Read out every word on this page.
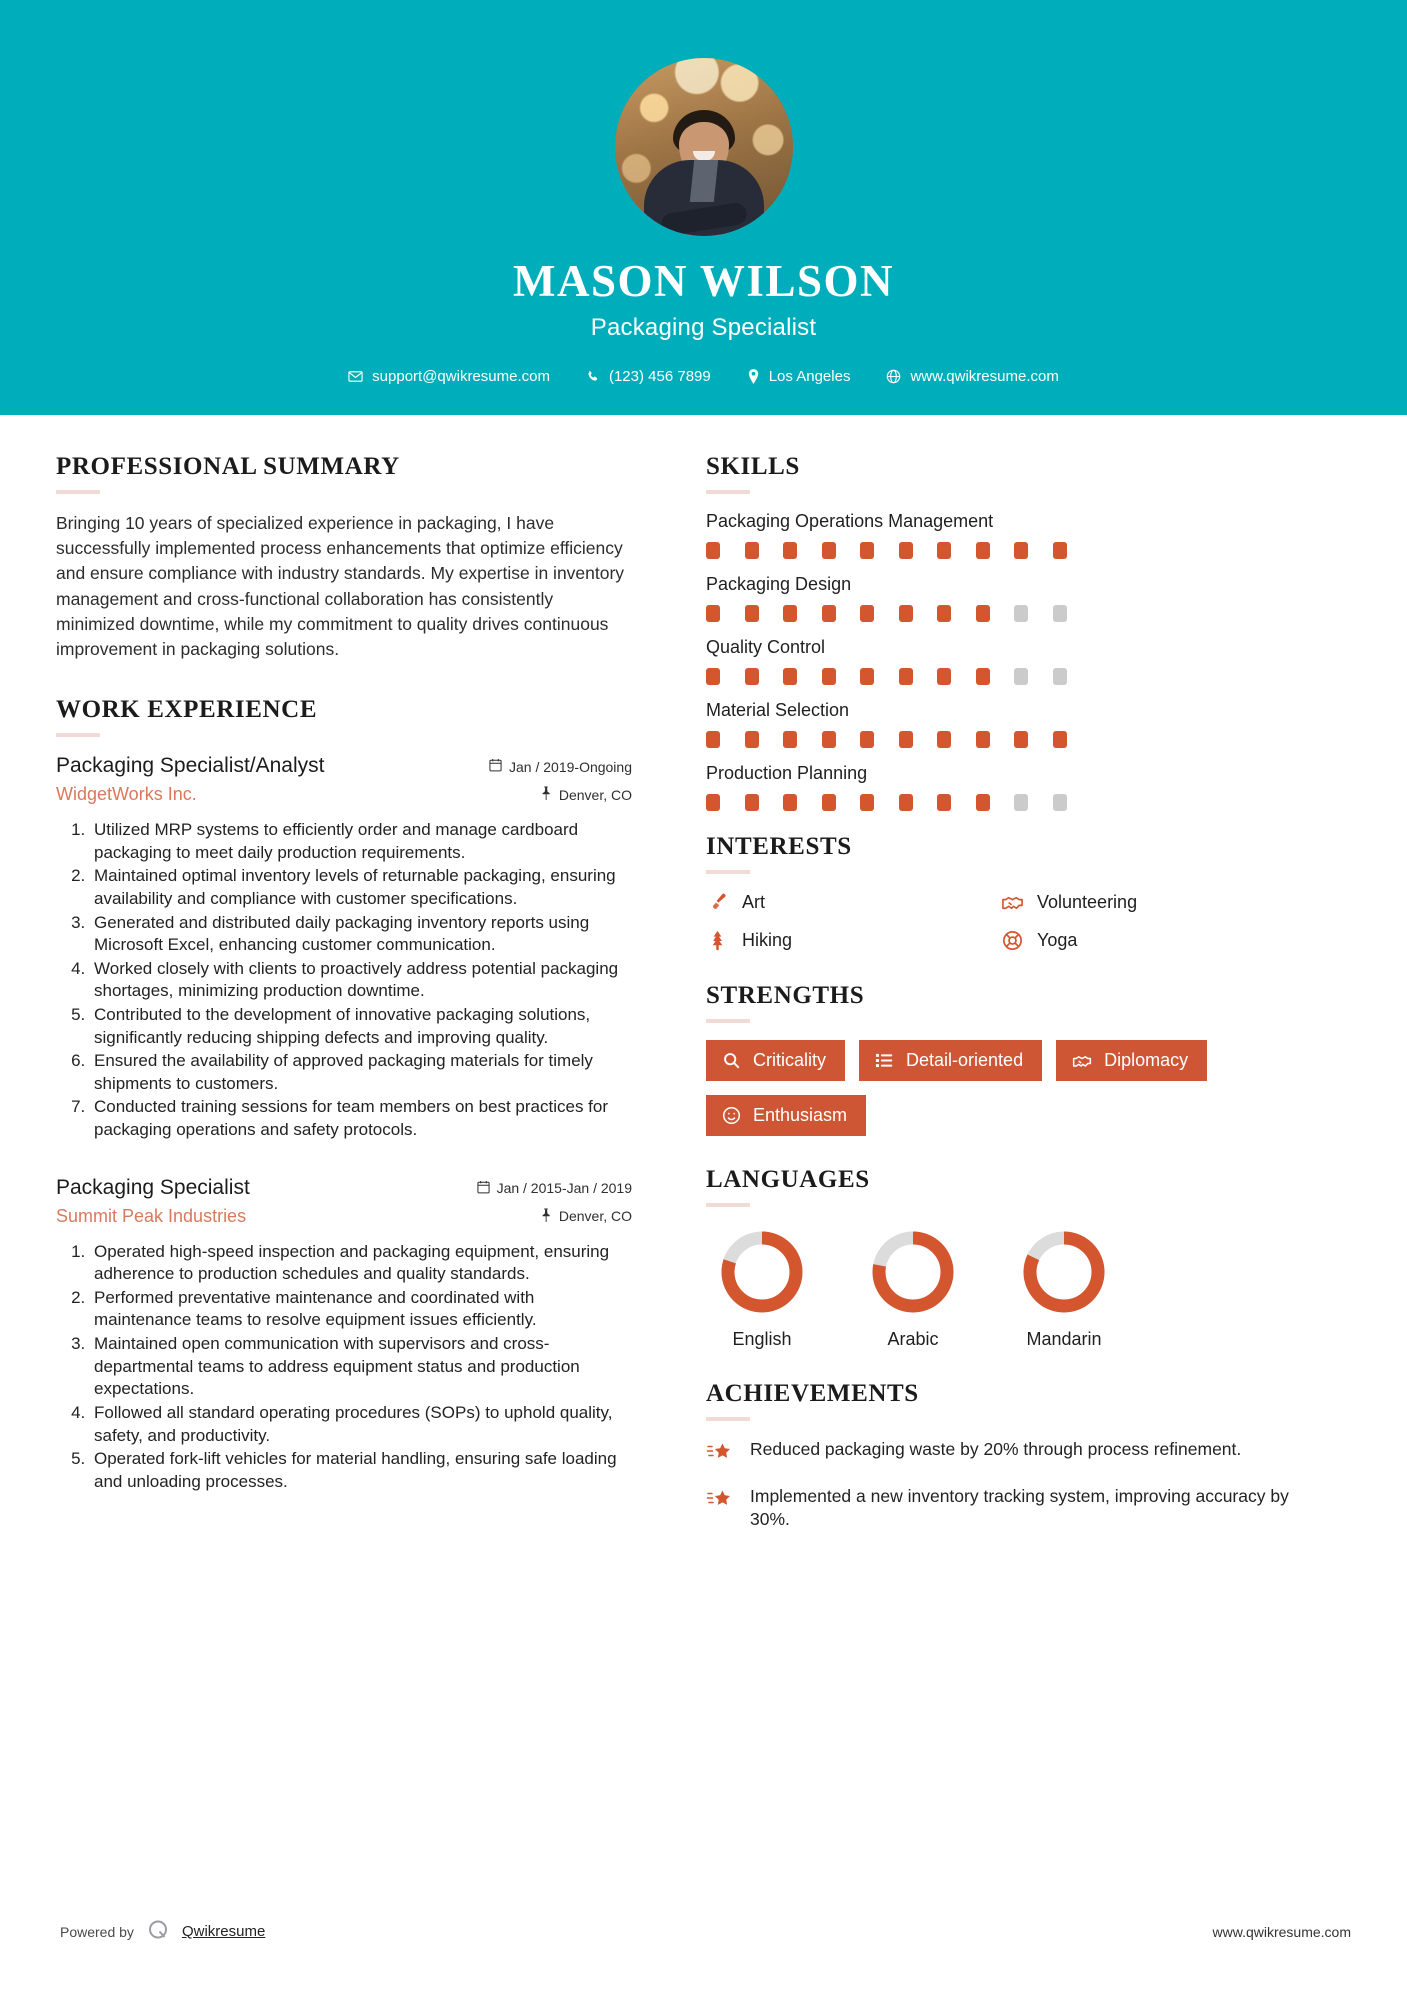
MASON WILSON
Packaging Specialist
support@qwikresume.com	(123) 456 7899	Los Angeles	www.qwikresume.com
PROFESSIONAL SUMMARY
Bringing 10 years of specialized experience in packaging, I have successfully implemented process enhancements that optimize efficiency and ensure compliance with industry standards. My expertise in inventory management and cross-functional collaboration has consistently minimized downtime, while my commitment to quality drives continuous improvement in packaging solutions.
WORK EXPERIENCE
Packaging Specialist/Analyst	Jan / 2019-Ongoing
WidgetWorks Inc.	Denver, CO
1. Utilized MRP systems to efficiently order and manage cardboard packaging to meet daily production requirements.
2. Maintained optimal inventory levels of returnable packaging, ensuring availability and compliance with customer specifications.
3. Generated and distributed daily packaging inventory reports using Microsoft Excel, enhancing customer communication.
4. Worked closely with clients to proactively address potential packaging shortages, minimizing production downtime.
5. Contributed to the development of innovative packaging solutions, significantly reducing shipping defects and improving quality.
6. Ensured the availability of approved packaging materials for timely shipments to customers.
7. Conducted training sessions for team members on best practices for packaging operations and safety protocols.
Packaging Specialist	Jan / 2015-Jan / 2019
Summit Peak Industries	Denver, CO
1. Operated high-speed inspection and packaging equipment, ensuring adherence to production schedules and quality standards.
2. Performed preventative maintenance and coordinated with maintenance teams to resolve equipment issues efficiently.
3. Maintained open communication with supervisors and cross-departmental teams to address equipment status and production expectations.
4. Followed all standard operating procedures (SOPs) to uphold quality, safety, and productivity.
5. Operated fork-lift vehicles for material handling, ensuring safe loading and unloading processes.
SKILLS
Packaging Operations Management
Packaging Design
Quality Control
Material Selection
Production Planning
INTERESTS
Art	Volunteering
Hiking	Yoga
STRENGTHS
Criticality	Detail-oriented	Diplomacy
Enthusiasm
LANGUAGES
English	Arabic	Mandarin
ACHIEVEMENTS
Reduced packaging waste by 20% through process refinement.
Implemented a new inventory tracking system, improving accuracy by 30%.
Powered by	Qwikresume	www.qwikresume.com
